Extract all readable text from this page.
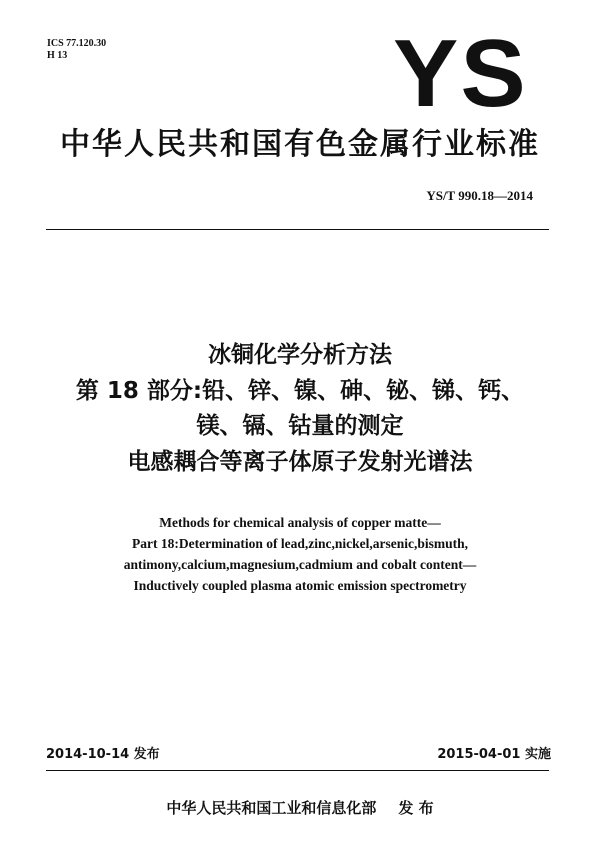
ICS 77.120.30
H 13	YS
中华人民共和国有色金属行业标准
YS/T 990.18—2014
冰铜化学分析方法
第 18 部分:铅、锌、镍、砷、铋、锑、钙、
镁、镉、钴量的测定
电感耦合等离子体原子发射光谱法
Methods for chemical analysis of copper matte—
Part 18:Determination of lead,zinc,nickel,arsenic,bismuth,
antimony,calcium,magnesium,cadmium and cobalt content—
Inductively coupled plasma atomic emission spectrometry
2014-10-14 发布	2015-04-01 实施
中华人民共和国工业和信息化部 发 布
